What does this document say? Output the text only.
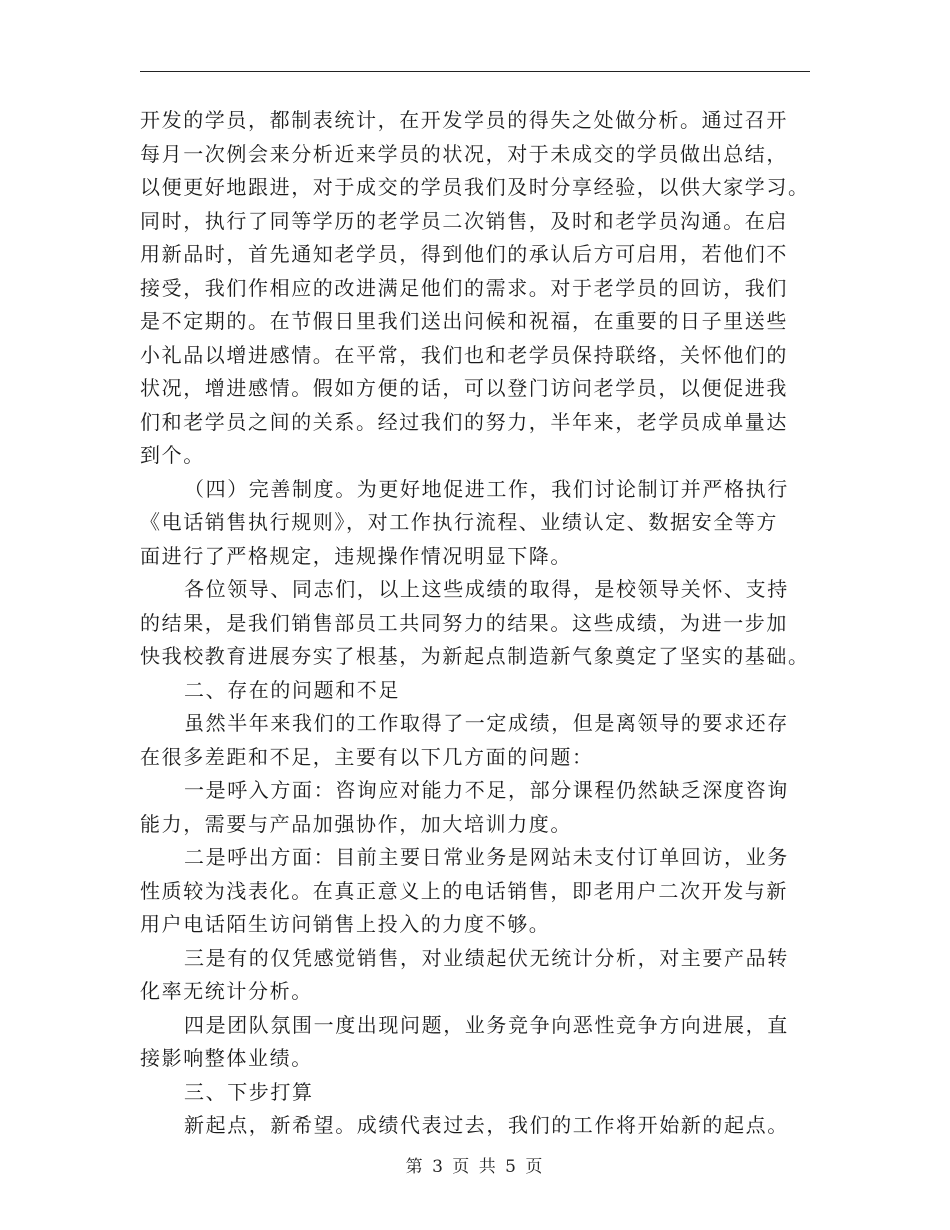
开发的学员，都制表统计，在开发学员的得失之处做分析。通过召开
每月一次例会来分析近来学员的状况，对于未成交的学员做出总结，
以便更好地跟进，对于成交的学员我们及时分享经验，以供大家学习。
同时，执行了同等学历的老学员二次销售，及时和老学员沟通。在启
用新品时，首先通知老学员，得到他们的承认后方可启用，若他们不
接受，我们作相应的改进满足他们的需求。对于老学员的回访，我们
是不定期的。在节假日里我们送出问候和祝福，在重要的日子里送些
小礼品以增进感情。在平常，我们也和老学员保持联络，关怀他们的
状况，增进感情。假如方便的话，可以登门访问老学员，以便促进我
们和老学员之间的关系。经过我们的努力，半年来，老学员成单量达
到个。
（四）完善制度。为更好地促进工作，我们讨论制订并严格执行
《电话销售执行规则》，对工作执行流程、业绩认定、数据安全等方
面进行了严格规定，违规操作情况明显下降。
各位领导、同志们，以上这些成绩的取得，是校领导关怀、支持
的结果，是我们销售部员工共同努力的结果。这些成绩，为进一步加
快我校教育进展夯实了根基，为新起点制造新气象奠定了坚实的基础。
二、存在的问题和不足
虽然半年来我们的工作取得了一定成绩，但是离领导的要求还存
在很多差距和不足，主要有以下几方面的问题：
一是呼入方面：咨询应对能力不足，部分课程仍然缺乏深度咨询
能力，需要与产品加强协作，加大培训力度。
二是呼出方面：目前主要日常业务是网站未支付订单回访，业务
性质较为浅表化。在真正意义上的电话销售，即老用户二次开发与新
用户电话陌生访问销售上投入的力度不够。
三是有的仅凭感觉销售，对业绩起伏无统计分析，对主要产品转
化率无统计分析。
四是团队氛围一度出现问题，业务竞争向恶性竞争方向进展，直
接影响整体业绩。
三、下步打算
新起点，新希望。成绩代表过去，我们的工作将开始新的起点。
第 3 页 共 5 页
